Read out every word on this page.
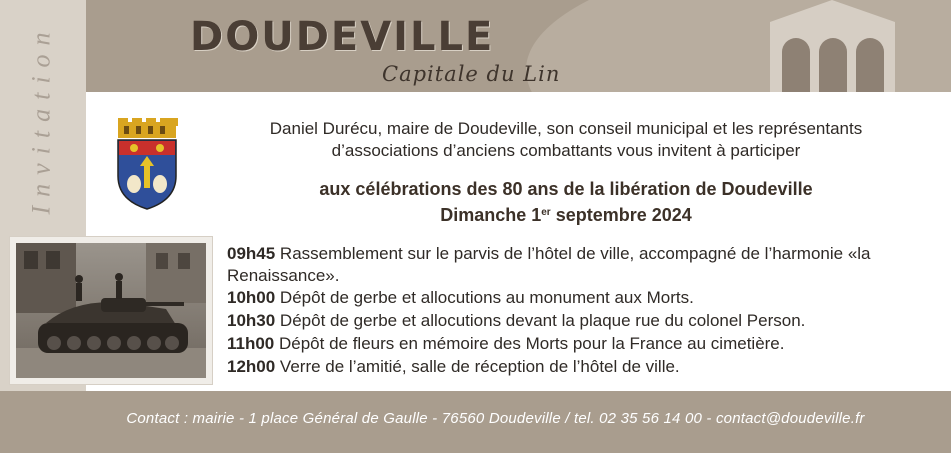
Invitation	DOUDEVILLE
Capitale du Lin
Daniel Durécu, maire de Doudeville, son conseil municipal et les représentants
d’associations d’anciens combattants vous invitent à participer
aux célébrations des 80 ans de la libération de Doudeville
Dimanche 1er septembre 2024
09h45 Rassemblement sur le parvis de l’hôtel de ville, accompagné de l’harmonie «la Renaissance».
10h00 Dépôt de gerbe et allocutions au monument aux Morts.
10h30 Dépôt de gerbe et allocutions devant la plaque rue du colonel Person.
11h00 Dépôt de fleurs en mémoire des Morts pour la France au cimetière.
12h00 Verre de l’amitié, salle de réception de l’hôtel de ville.
Contact : mairie - 1 place Général de Gaulle - 76560 Doudeville / tel. 02 35 56 14 00 - contact@doudeville.fr
